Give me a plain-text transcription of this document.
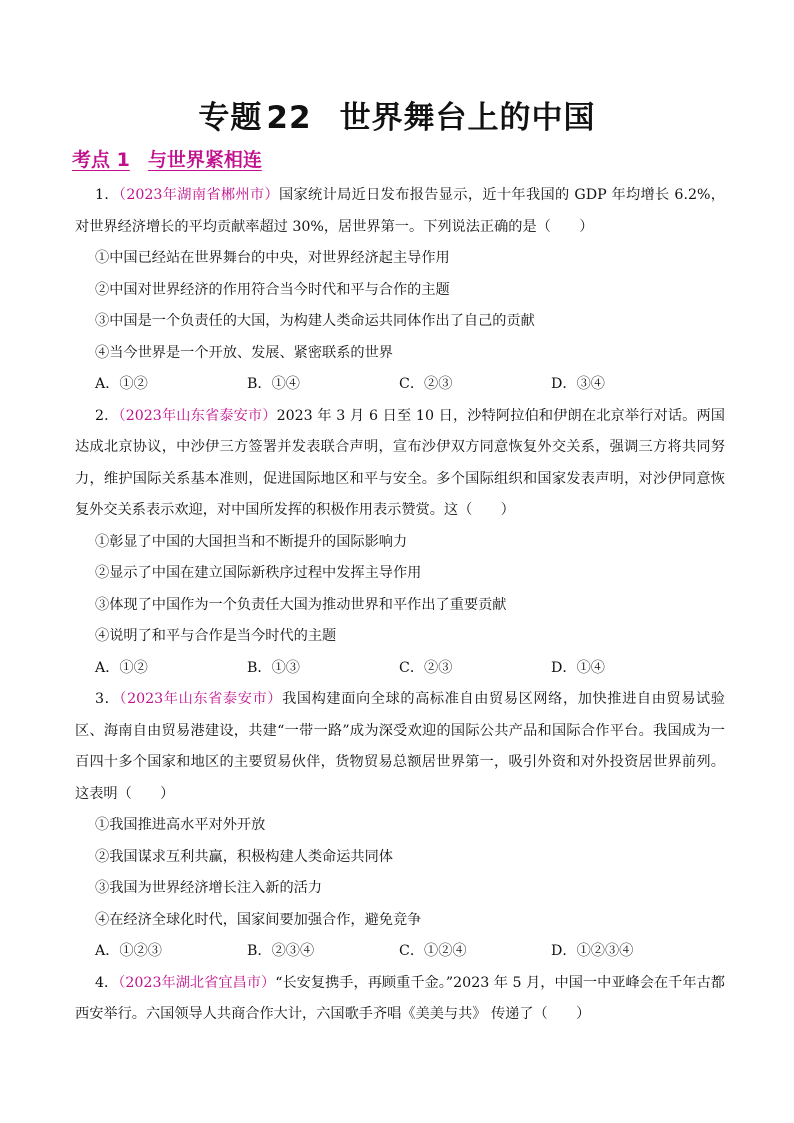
专题 22 世界舞台上的中国
考点 1 与世界紧相连

1．（2023年湖南省郴州市）国家统计局近日发布报告显示，近十年我国的 GDP 年均增长 6.2%，对世界经济增长的平均贡献率超过 30%，居世界第一。下列说法正确的是（　　）

①中国已经站在世界舞台的中央，对世界经济起主导作用

②中国对世界经济的作用符合当今时代和平与合作的主题

③中国是一个负责任的大国，为构建人类命运共同体作出了自己的贡献

④当今世界是一个开放、发展、紧密联系的世界

A．①②	B．①④	C．②③	D．③④

2．（2023年山东省泰安市）2023 年 3 月 6 日至 10 日，沙特阿拉伯和伊朗在北京举行对话。两国达成北京协议，中沙伊三方签署并发表联合声明，宣布沙伊双方同意恢复外交关系，强调三方将共同努力，维护国际关系基本准则，促进国际地区和平与安全。多个国际组织和国家发表声明，对沙伊同意恢复外交关系表示欢迎，对中国所发挥的积极作用表示赞赏。这（　　）

①彰显了中国的大国担当和不断提升的国际影响力

②显示了中国在建立国际新秩序过程中发挥主导作用

③体现了中国作为一个负责任大国为推动世界和平作出了重要贡献

④说明了和平与合作是当今时代的主题

A．①②	B．①③	C．②③	D．①④

3．（2023年山东省泰安市）我国构建面向全球的高标准自由贸易区网络，加快推进自由贸易试验区、海南自由贸易港建设，共建“一带一路”成为深受欢迎的国际公共产品和国际合作平台。我国成为一百四十多个国家和地区的主要贸易伙伴，货物贸易总额居世界第一，吸引外资和对外投资居世界前列。这表明（　　）

①我国推进高水平对外开放

②我国谋求互利共赢，积极构建人类命运共同体

③我国为世界经济增长注入新的活力

④在经济全球化时代，国家间要加强合作，避免竞争

A．①②③	B．②③④	C．①②④	D．①②③④

4．（2023年湖北省宜昌市）“长安复携手，再顾重千金。”2023 年 5 月，中国一中亚峰会在千年古都西安举行。六国领导人共商合作大计，六国歌手齐唱《美美与共》 传递了（　　）
